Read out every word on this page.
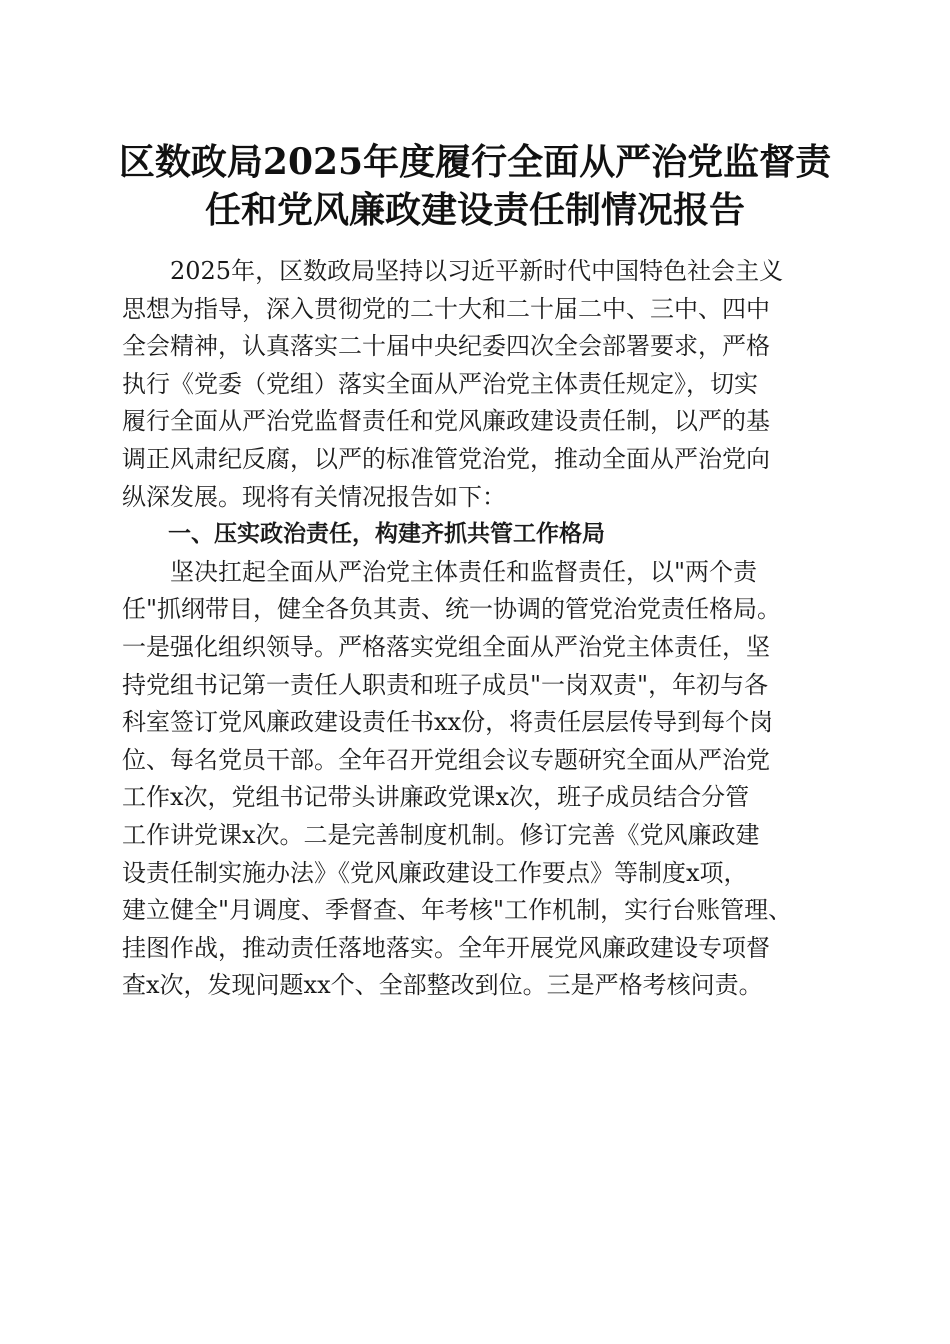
区数政局2025年度履行全面从严治党监督责
任和党风廉政建设责任制情况报告
　　2025年，区数政局坚持以习近平新时代中国特色社会主义
思想为指导，深入贯彻党的二十大和二十届二中、三中、四中
全会精神，认真落实二十届中央纪委四次全会部署要求，严格
执行《党委（党组）落实全面从严治党主体责任规定》，切实
履行全面从严治党监督责任和党风廉政建设责任制，以严的基
调正风肃纪反腐，以严的标准管党治党，推动全面从严治党向
纵深发展。现将有关情况报告如下：
　　一、压实政治责任，构建齐抓共管工作格局
　　坚决扛起全面从严治党主体责任和监督责任，以"两个责
任"抓纲带目，健全各负其责、统一协调的管党治党责任格局。
一是强化组织领导。严格落实党组全面从严治党主体责任，坚
持党组书记第一责任人职责和班子成员"一岗双责"，年初与各
科室签订党风廉政建设责任书xx份，将责任层层传导到每个岗
位、每名党员干部。全年召开党组会议专题研究全面从严治党
工作x次，党组书记带头讲廉政党课x次，班子成员结合分管
工作讲党课x次。二是完善制度机制。修订完善《党风廉政建
设责任制实施办法》《党风廉政建设工作要点》等制度x项，
建立健全"月调度、季督查、年考核"工作机制，实行台账管理、
挂图作战，推动责任落地落实。全年开展党风廉政建设专项督
查x次，发现问题xx个、全部整改到位。三是严格考核问责。
